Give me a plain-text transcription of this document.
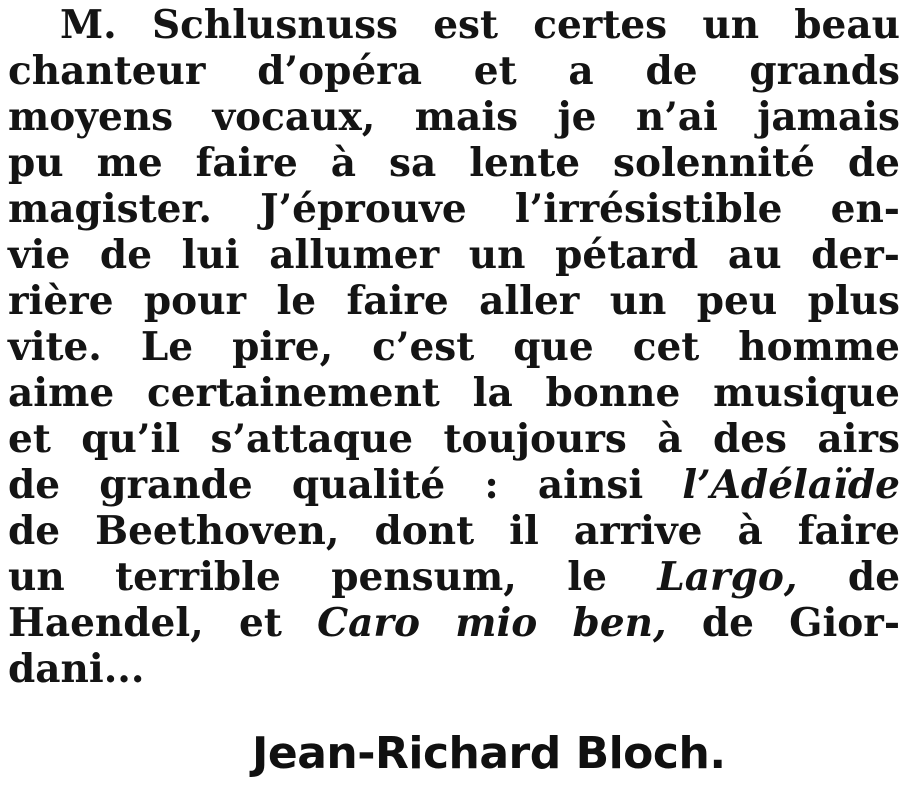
M. Schlusnuss est certes un beau
chanteur d’opéra et a de grands
moyens vocaux, mais je n’ai jamais
pu me faire à sa lente solennité de
magister. J’éprouve l’irrésistible en-
vie de lui allumer un pétard au der-
rière pour le faire aller un peu plus
vite. Le pire, c’est que cet homme
aime certainement la bonne musique
et qu’il s’attaque toujours à des airs
de grande qualité : ainsi l’Adélaïde
de Beethoven, dont il arrive à faire
un terrible pensum, le Largo, de
Haendel, et Caro mio ben, de Gior-
dani...
Jean-Richard Bloch.
